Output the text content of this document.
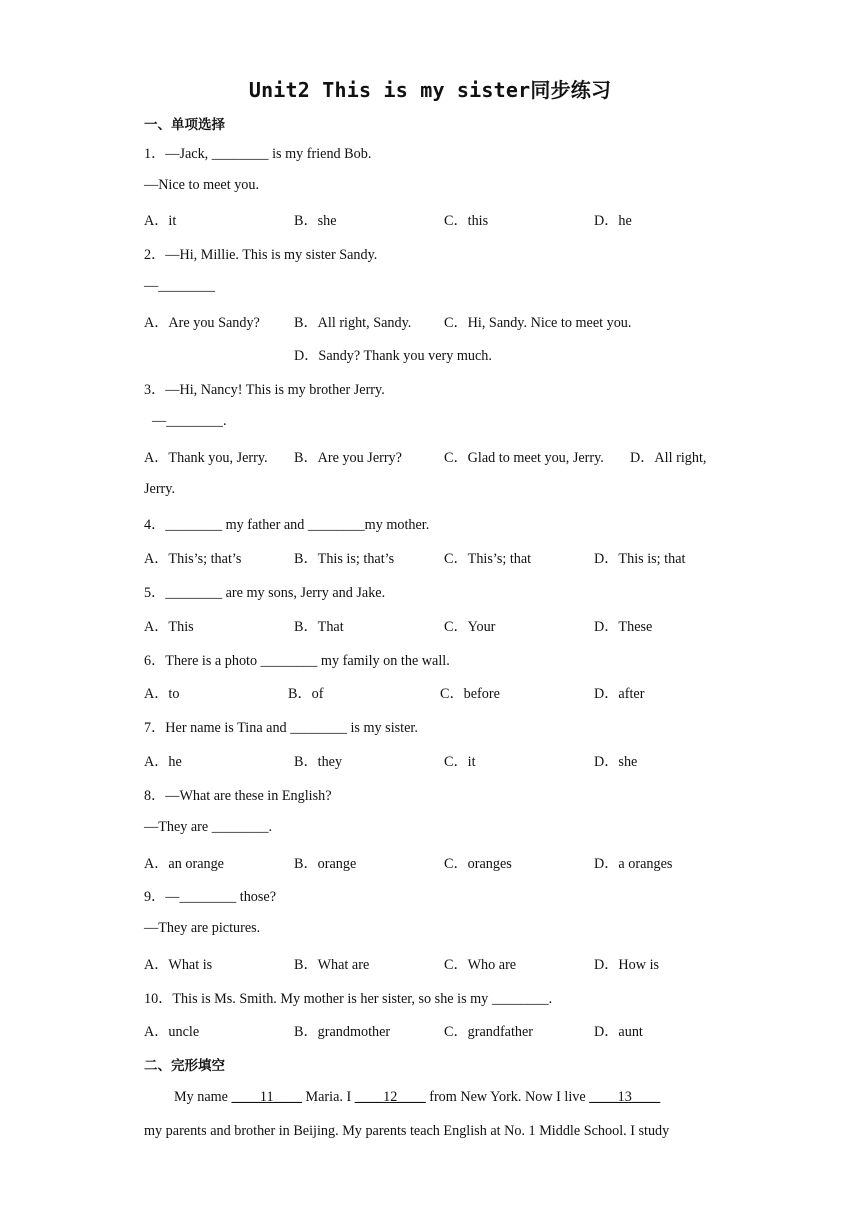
Unit2 This is my sister同步练习
一、单项选择
1．—Jack, ________ is my friend Bob.
—Nice to meet you.
A．it	B．she	C．this	D．he
2．—Hi, Millie. This is my sister Sandy.
—________
A．Are you Sandy? B．All right, Sandy. C．Hi, Sandy. Nice to meet you.
D．Sandy? Thank you very much.
3．—Hi, Nancy! This is my brother Jerry.
—________.
A．Thank you, Jerry. B．Are you Jerry?	C．Glad to meet you, Jerry. D．All right,
Jerry.
4．________ my father and ________my mother.
A．This’s; that’s	B．This is; that’s	C．This’s; that	D．This is; that
5．________ are my sons, Jerry and Jake.
A．This	B．That	C．Your	D．These
6．There is a photo ________ my family on the wall.
A．to	B．of	C．before	D．after
7．Her name is Tina and ________ is my sister.
A．he	B．they	C．it	D．she
8．—What are these in English?
—They are ________.
A．an orange	B．orange	C．oranges	D．a oranges
9．—________ those?
—They are pictures.
A．What is	B．What are	C．Who are	D．How is
10．This is Ms. Smith. My mother is her sister, so she is my ________.
A．uncle	B．grandmother	C．grandfather	D．aunt
二、完形填空
My name ____11____ Maria. I ____12____ from New York. Now I live ____13____
my parents and brother in Beijing. My parents teach English at No. 1 Middle School. I study
